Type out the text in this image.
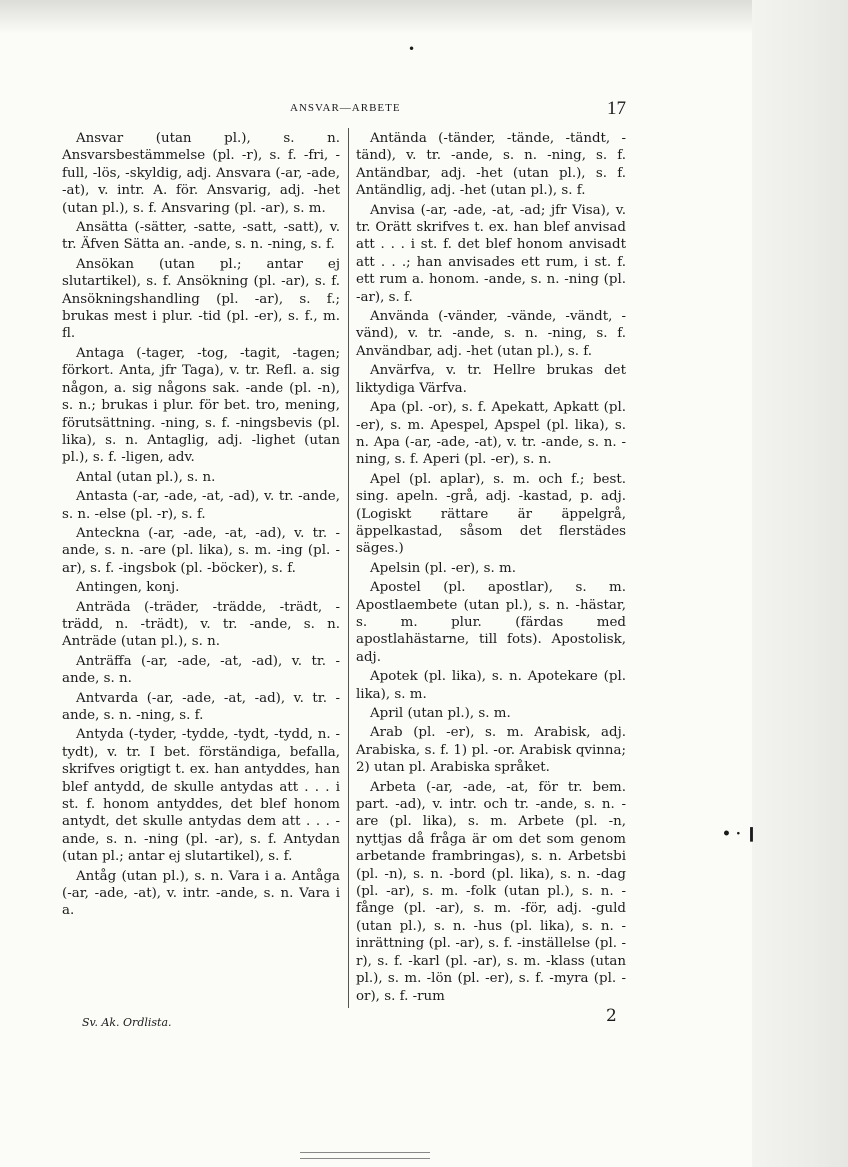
•
ANSVAR—ARBETE	17

Ansvar (utan pl.), s. n. Ansvarsbestämmelse (pl. -r), s. f. -fri, -full, -lös, -skyldig, adj. Ansvara (-ar, -ade, -at), v. intr. A. för. Ansvarig, adj. -het (utan pl.), s. f. Ansvaring (pl. -ar), s. m.

Ansätta (-sätter, -satte, -satt, -satt), v. tr. Äfven Sätta an. -ande, s. n. -ning, s. f.

Ansökan (utan pl.; antar ej slutartikel), s. f. Ansökning (pl. -ar), s. f. Ansökningshandling (pl. -ar), s. f.; brukas mest i plur. -tid (pl. -er), s. f., m. fl.

Antaga (-tager, -tog, -tagit, -tagen; förkort. Anta, jfr Taga), v. tr. Refl. a. sig någon, a. sig någons sak. -ande (pl. -n), s. n.; brukas i plur. för bet. tro, mening, förutsättning. -ning, s. f. -ningsbevis (pl. lika), s. n. Antaglig, adj. -lighet (utan pl.), s. f. -ligen, adv.

Antal (utan pl.), s. n.

Antasta (-ar, -ade, -at, -ad), v. tr. -ande, s. n. -else (pl. -r), s. f.

Anteckna (-ar, -ade, -at, -ad), v. tr. -ande, s. n. -are (pl. lika), s. m. -ing (pl. -ar), s. f. -ingsbok (pl. -böcker), s. f.

Antingen, konj.

Anträda (-träder, -trädde, -trädt, -trädd, n. -trädt), v. tr. -ande, s. n. Anträde (utan pl.), s. n.

Anträffa (-ar, -ade, -at, -ad), v. tr. -ande, s. n.

Antvarda (-ar, -ade, -at, -ad), v. tr. -ande, s. n. -ning, s. f.

Antyda (-tyder, -tydde, -tydt, -tydd, n. -tydt), v. tr. I bet. förständiga, befalla, skrifves origtigt t. ex. han antyddes, han blef antydd, de skulle antydas att . . . i st. f. honom antyddes, det blef honom antydt, det skulle antydas dem att . . . -ande, s. n. -ning (pl. -ar), s. f. Antydan (utan pl.; antar ej slutartikel), s. f.

Antåg (utan pl.), s. n. Vara i a. Antåga (-ar, -ade, -at), v. intr. -ande, s. n. Vara i a.

Antända (-tänder, -tände, -tändt, -tänd), v. tr. -ande, s. n. -ning, s. f. Antändbar, adj. -het (utan pl.), s. f. Antändlig, adj. -het (utan pl.), s. f.

Anvisa (-ar, -ade, -at, -ad; jfr Visa), v. tr. Orätt skrifves t. ex. han blef anvisad att . . . i st. f. det blef honom anvisadt att . . .; han anvisades ett rum, i st. f. ett rum a. honom. -ande, s. n. -ning (pl. -ar), s. f.

Använda (-vänder, -vände, -vändt, -vänd), v. tr. -ande, s. n. -ning, s. f. Användbar, adj. -het (utan pl.), s. f.

Anvärfva, v. tr. Hellre brukas det liktydiga Värfva.

Apa (pl. -or), s. f. Apekatt, Apkatt (pl. -er), s. m. Apespel, Apspel (pl. lika), s. n. Apa (-ar, -ade, -at), v. tr. -ande, s. n. -ning, s. f. Aperi (pl. -er), s. n.

Apel (pl. aplar), s. m. och f.; best. sing. apeln. -grå, adj. -kastad, p. adj. (Logiskt rättare är äppelgrå, äppelkastad, såsom det flerstädes säges.)

Apelsin (pl. -er), s. m.

Apostel (pl. apostlar), s. m. Apostlaembete (utan pl.), s. n. -hästar, s. m. plur. (färdas med apostlahästarne, till fots). Apostolisk, adj.

Apotek (pl. lika), s. n. Apotekare (pl. lika), s. m.

April (utan pl.), s. m.

Arab (pl. -er), s. m. Arabisk, adj. Arabiska, s. f. 1) pl. -or. Arabisk qvinna; 2) utan pl. Arabiska språket.

Arbeta (-ar, -ade, -at, för tr. bem. part. -ad), v. intr. och tr. -ande, s. n. -are (pl. lika), s. m. Arbete (pl. -n, nyttjas då fråga är om det som genom arbetande frambringas), s. n. Arbetsbi (pl. -n), s. n. -bord (pl. lika), s. n. -dag (pl. -ar), s. m. -folk (utan pl.), s. n. -fånge (pl. -ar), s. m. -för, adj. -guld (utan pl.), s. n. -hus (pl. lika), s. n. -inrättning (pl. -ar), s. f. -inställelse (pl. -r), s. f. -karl (pl. -ar), s. m. -klass (utan pl.), s. m. -lön (pl. -er), s. f. -myra (pl. -or), s. f. -rum

Sv. Ak. Ordlista.	2
• · ❙
